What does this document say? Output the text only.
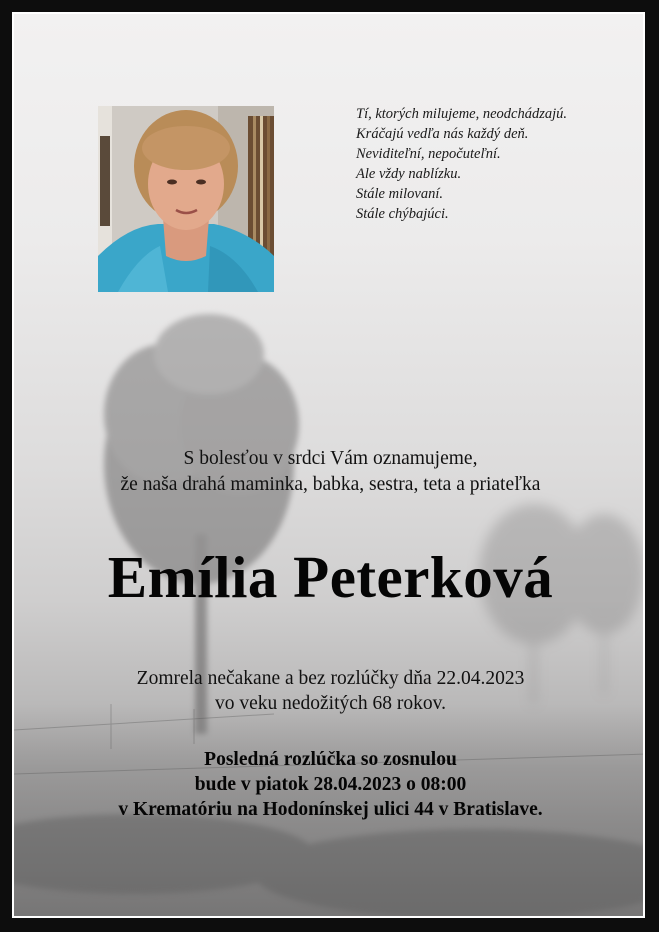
Tí, ktorých milujeme, neodchádzajú.
Kráčajú vedľa nás každý deň.
Neviditeľní, nepočuteľní.
Ale vždy nablízku.
Stále milovaní.
Stále chýbajúci.
S bolesťou v srdci Vám oznamujeme,
že naša drahá maminka, babka, sestra, teta a priateľka
Emília Peterková
Zomrela nečakane a bez rozlúčky dňa 22.04.2023
vo veku nedožitých 68 rokov.
Posledná rozlúčka so zosnulou
bude v piatok 28.04.2023 o 08:00
v Krematóriu na Hodonínskej ulici 44 v Bratislave.
